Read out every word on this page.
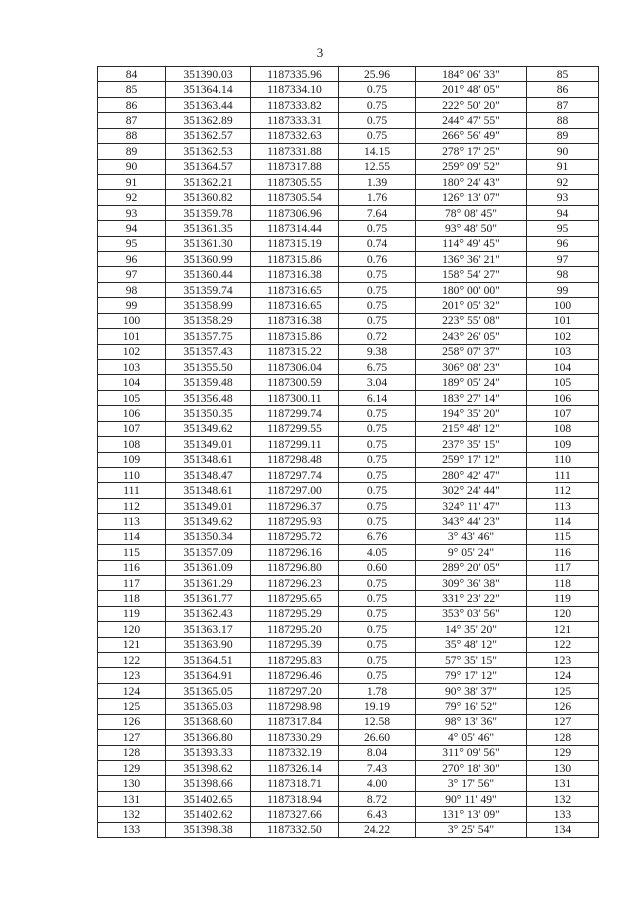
3
84	351390.03	1187335.96	25.96	184° 06' 33"	85
85	351364.14	1187334.10	0.75	201° 48' 05"	86
86	351363.44	1187333.82	0.75	222° 50' 20"	87
87	351362.89	1187333.31	0.75	244° 47' 55"	88
88	351362.57	1187332.63	0.75	266° 56' 49"	89
89	351362.53	1187331.88	14.15	278° 17' 25"	90
90	351364.57	1187317.88	12.55	259° 09' 52"	91
91	351362.21	1187305.55	1.39	180° 24' 43"	92
92	351360.82	1187305.54	1.76	126° 13' 07"	93
93	351359.78	1187306.96	7.64	78° 08' 45"	94
94	351361.35	1187314.44	0.75	93° 48' 50"	95
95	351361.30	1187315.19	0.74	114° 49' 45"	96
96	351360.99	1187315.86	0.76	136° 36' 21"	97
97	351360.44	1187316.38	0.75	158° 54' 27"	98
98	351359.74	1187316.65	0.75	180° 00' 00"	99
99	351358.99	1187316.65	0.75	201° 05' 32"	100
100	351358.29	1187316.38	0.75	223° 55' 08"	101
101	351357.75	1187315.86	0.72	243° 26' 05"	102
102	351357.43	1187315.22	9.38	258° 07' 37"	103
103	351355.50	1187306.04	6.75	306° 08' 23"	104
104	351359.48	1187300.59	3.04	189° 05' 24"	105
105	351356.48	1187300.11	6.14	183° 27' 14"	106
106	351350.35	1187299.74	0.75	194° 35' 20"	107
107	351349.62	1187299.55	0.75	215° 48' 12"	108
108	351349.01	1187299.11	0.75	237° 35' 15"	109
109	351348.61	1187298.48	0.75	259° 17' 12"	110
110	351348.47	1187297.74	0.75	280° 42' 47"	111
111	351348.61	1187297.00	0.75	302° 24' 44"	112
112	351349.01	1187296.37	0.75	324° 11' 47"	113
113	351349.62	1187295.93	0.75	343° 44' 23"	114
114	351350.34	1187295.72	6.76	3° 43' 46"	115
115	351357.09	1187296.16	4.05	9° 05' 24"	116
116	351361.09	1187296.80	0.60	289° 20' 05"	117
117	351361.29	1187296.23	0.75	309° 36' 38"	118
118	351361.77	1187295.65	0.75	331° 23' 22"	119
119	351362.43	1187295.29	0.75	353° 03' 56"	120
120	351363.17	1187295.20	0.75	14° 35' 20"	121
121	351363.90	1187295.39	0.75	35° 48' 12"	122
122	351364.51	1187295.83	0.75	57° 35' 15"	123
123	351364.91	1187296.46	0.75	79° 17' 12"	124
124	351365.05	1187297.20	1.78	90° 38' 37"	125
125	351365.03	1187298.98	19.19	79° 16' 52"	126
126	351368.60	1187317.84	12.58	98° 13' 36"	127
127	351366.80	1187330.29	26.60	4° 05' 46"	128
128	351393.33	1187332.19	8.04	311° 09' 56"	129
129	351398.62	1187326.14	7.43	270° 18' 30"	130
130	351398.66	1187318.71	4.00	3° 17' 56"	131
131	351402.65	1187318.94	8.72	90° 11' 49"	132
132	351402.62	1187327.66	6.43	131° 13' 09"	133
133	351398.38	1187332.50	24.22	3° 25' 54"	134
